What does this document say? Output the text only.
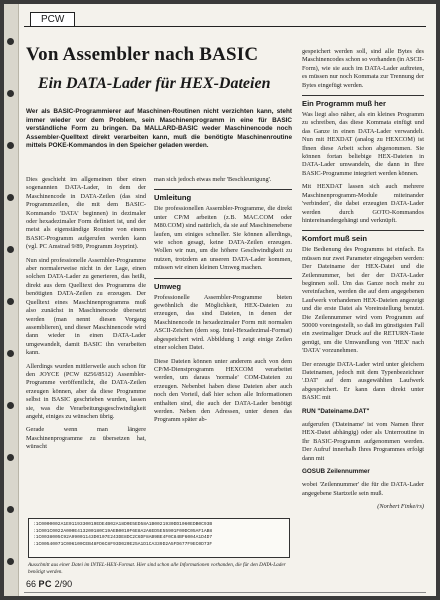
PCW
Von Assembler nach BASIC
Ein DATA-Lader für HEX-Dateien
Wer als BASIC-Programmierer auf Maschinen-Routinen nicht verzichten kann, steht immer wieder vor dem Problem, sein Maschinenprogramm in eine für BASIC verständliche Form zu bringen. Da MALLARD-BASIC weder Maschinencode noch Assembler-Quelltext direkt verarbeiten kann, muß die benötigte Maschinenroutine mittels POKE-Kommandos in den Speicher geladen werden.

Dies geschieht im allgemeinen über einen sogenannten DATA-Lader, in dem der Maschinencode in DATA-Zeilen (das sind Programmzeilen, die mit dem BASIC-Kommando 'DATA' beginnen) in dezimaler oder hexadezimaler Form definiert ist, und der meist als eigenständige Routine von einem BASIC-Programm aufgerufen werden kann (vgl. PC Amstrad 9/89, Programm Joyprint).

Nun sind professionelle Assembler-Programme aber normalerweise nicht in der Lage, einen solchen DATA-Lader zu generieren, das heißt, direkt aus dem Quelltext des Programms die benötigten DATA-Zeilen zu erzeugen. Der Quelltext eines Maschinenprogramms muß also zunächst in Maschinencode übersetzt werden (man nennt diesen Vorgang assemblieren), und dieser Maschinencode wird dann wieder in einen DATA-Lader umgewandelt, damit BASIC ihn verarbeiten kann.

Allerdings wurden mittlerweile auch schon für den JOYCE (PCW 8256/8512) Assembler-Programme veröffentlicht, die DATA-Zeilen erzeugen können, aber da diese Programme selbst in BASIC geschrieben wurden, lassen sie, was die Verarbeitungsgeschwindigkeit angeht, einiges zu wünschen übrig.

Gerade wenn man längere Maschinenprogramme zu übersetzen hat, wünscht

man sich jedoch etwas mehr 'Beschleunigung'.

Umleitung

Die professionellen Assembler-Programme, die direkt unter CP/M arbeiten (z.B. MAC.COM oder M80.COM) sind natürlich, da sie auf Maschinenebene laufen, um einiges schneller. Sie können allerdings, wie schon gesagt, keine DATA-Zeilen erzeugen. Wollen wir nun, um die höhere Geschwindigkeit zu nutzen, trotzdem an unseren DATA-Lader kommen, müssen wir einen kleinen Umweg machen.

Umweg

Professionelle Assembler-Programme bieten gewöhnlich die Möglichkeit, HEX-Dateien zu erzeugen, das sind Dateien, in denen der Maschinencode in hexadezimaler Form mit normalen ASCII-Zeichen (dem sog. Intel-Hexadezimal-Format) abgespeichert wird. Abbildung 1 zeigt einige Zeilen einer solchen Datei.

Diese Dateien können unter anderem auch von dem CP/M-Dienstprogramm HEXCOM verarbeitet werden, um daraus 'normale' COM-Dateien zu erzeugen. Nebenbei haben diese Dateien aber auch noch den Vorteil, daß hier schon alle Informationen enthalten sind, die auch der DATA-Lader benötigt werden. Neben den Adressen, unter denen das Programm später ab-

gespeichert werden soll, sind alle Bytes des Maschinencodes schon so vorhanden (in ASCII-Form), wie sie auch im DATA-Lader auftreten, es müssen nur noch Kommata zur Trennung der Bytes eingefügt werden.

Ein Programm muß her

Was liegt also näher, als ein kleines Programm zu schreiben, das diese Kommata einfügt und das Ganze in einen DATA-Lader verwandelt. Nun mit HEXDAT (analog zu HEXCOM) ist Ihnen diese Arbeit schon abgenommen. Sie können fortan beliebige HEX-Dateien in DATA-Lader umwandeln, die dann in Ihre BASIC-Programme integriert werden können.

Mit HEXDAT lassen sich auch mehrere Maschinenprogramm-Module miteinander 'verbinden', die dabei erzeugten DATA-Lader werden durch GOTO-Kommandos hintereinandergehängt und verknüpft.

Komfort muß sein

Die Bedienung des Programms ist einfach. Es müssen nur zwei Parameter eingegeben werden: Der Dateiname der HEX-Datei und die Zeilennummer, bei der der DATA-Lader beginnen soll. Um das Ganze noch mehr zu vereinfachen, werden die auf dem angegebenen Laufwerk vorhandenen HEX-Dateien angezeigt und die erste Datei als Voreinstellung benutzt. Die Zeilennummer wird vom Programm auf 50000 voreingestellt, so daß im günstigsten Fall ein zweimaliger Druck auf die RETURN-Taste genügt, um die Umwandlung von 'HEX' nach 'DATA' vorzunehmen.

Der erzeugte DATA-Lader wird unter gleichem Dateinamen, jedoch mit dem Typenbezeichner '.DAT' auf dem ausgewählten Laufwerk abgespeichert. Er kann dann direkt unter BASIC mit

RUN "Dateiname.DAT"

aufgerufen ('Dateiname' ist vom Namen Ihrer HEX-Datei abhängig) oder als Unterroutine in Ihr BASIC-Programm aufgenommen werden. Der Aufruf innerhalb Ihres Programmes erfolgt dann mit

GOSUB Zeilennummer

wobei 'Zeilennummer' die für die DATA-Lader angegebene Startzeile sein muß.

(Norbert Finke/rs)

:1C0000002A1E0119330019EDE4B02A18D0E5ED58A1B0021930DD1060EDB0C93B
:1C001C0022A000E413200180C19AEB0010F6E8A2A6ED5E55901F00DC05AF1AB8
:1C0038005C92A99001143D0107E243DE8DC2C6DF8AB9BE4F0C84BF6004A1D4D7
:1C00540071C006100CEB48FD6C8F93D020E25A1D1CA339D2A5FD677F9EC0D73F
Ausschnitt aus einer Datei im INTEL-HEX-Format. Hier sind schon alle Informationen vorhanden, die für den DATA-Lader benötigt werden.
66 PC 2/90
